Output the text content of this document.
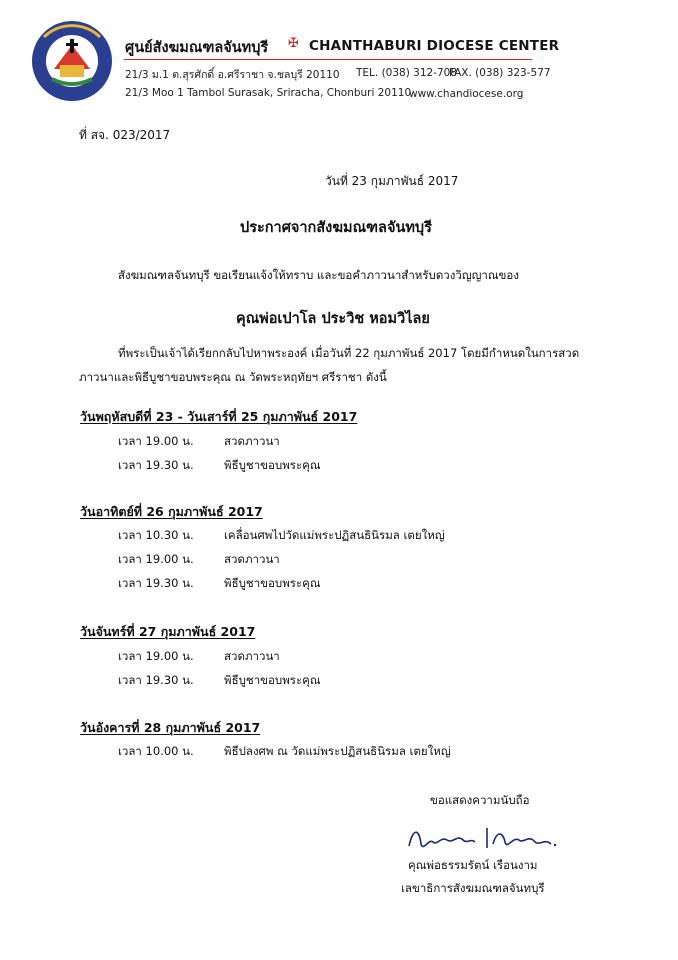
ศูนย์สังฆมณฑลจันทบุรี ✠ CHANTHABURI DIOCESE CENTER
21/3 ม.1 ต.สุรศักดิ์ อ.ศรีราชา จ.ชลบุรี 20110 TEL. (038) 312-708
FAX. (038) 323-577
21/3 Moo 1 Tambol Surasak, Sriracha, Chonburi 20110
www.chandiocese.org
ที่ สจ. 023/2017
วันที่ 23 กุมภาพันธ์ 2017
ประกาศจากสังฆมณฑลจันทบุรี
สังฆมณฑลจันทบุรี ขอเรียนแจ้งให้ทราบ และขอคำภาวนาสำหรับดวงวิญญาณของ
คุณพ่อเปาโล ประวิช หอมวิไลย
ที่พระเป็นเจ้าได้เรียกกลับไปหาพระองค์ เมื่อวันที่ 22 กุมภาพันธ์ 2017 โดยมีกำหนดในการสวด
ภาวนาและพิธีบูชาขอบพระคุณ ณ วัดพระหฤทัยฯ ศรีราชา ดังนี้
วันพฤหัสบดีที่ 23 - วันเสาร์ที่ 25 กุมภาพันธ์ 2017
เวลา 19.00 น.	สวดภาวนา
เวลา 19.30 น.	พิธีบูชาขอบพระคุณ
วันอาทิตย์ที่ 26 กุมภาพันธ์ 2017
เวลา 10.30 น.	เคลื่อนศพไปวัดแม่พระปฏิสนธินิรมล เตยใหญ่
เวลา 19.00 น.	สวดภาวนา
เวลา 19.30 น.	พิธีบูชาขอบพระคุณ
วันจันทร์ที่ 27 กุมภาพันธ์ 2017
เวลา 19.00 น.	สวดภาวนา
เวลา 19.30 น.	พิธีบูชาขอบพระคุณ
วันอังคารที่ 28 กุมภาพันธ์ 2017
เวลา 10.00 น.	พิธีปลงศพ ณ วัดแม่พระปฏิสนธินิรมล เตยใหญ่
ขอแสดงความนับถือ
คุณพ่อธรรมรัตน์ เรือนงาม
เลขาธิการสังฆมณฑลจันทบุรี
